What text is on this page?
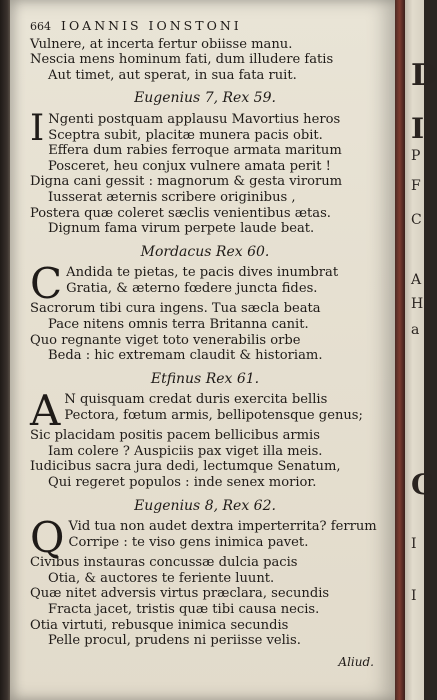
664 IOANNIS IONSTONI
Vulnere, at incerta fertur obiisse manu.
Nescia mens hominum fati, dum illudere fatis
Aut timet, aut sperat, in sua fata ruit.
Eugenius 7, Rex 59.
I Ngenti postquam applausu Mavortius heros
Sceptra subit, placitæ munera pacis obit.
Effera dum rabies ferroque armata maritum
Posceret, heu conjux vulnere amata perit !
Digna cani gessit : magnorum & gesta virorum
Iusserat æternis scribere originibus ,
Postera quæ coleret sæclis venientibus ætas.
Dignum fama virum perpete laude beat.
Mordacus Rex 60.
C Andida te pietas, te pacis dives inumbrat
Gratia, & æterno fœdere juncta fides.
Sacrorum tibi cura ingens. Tua sæcla beata
Pace nitens omnis terra Britanna canit.
Quo regnante viget toto venerabilis orbe
Beda : hic extremam claudit & historiam.
Etfinus Rex 61.
A N quisquam credat duris exercita bellis
Pectora, fœtum armis, bellipotensque genus;
Sic placidam positis pacem bellicibus armis
Iam colere ? Auspiciis pax viget illa meis.
Iudicibus sacra jura dedi, lectumque Senatum,
Qui regeret populos : inde senex morior.
Eugenius 8, Rex 62.
Q Vid tua non audet dextra imperterrita? ferrum
Corripe : te viso gens inimica pavet.
Civibus instauras concussæ dulcia pacis
Otia, & auctores te feriente luunt.
Quæ nitet adversis virtus præclara, secundis
Fracta jacet, tristis quæ tibi causa necis.
Otia virtuti, rebusque inimica secundis
Pelle procul, prudens ni periisse velis.
Aliud.
D
I
P
F
C
A
H
a
C
I
I
